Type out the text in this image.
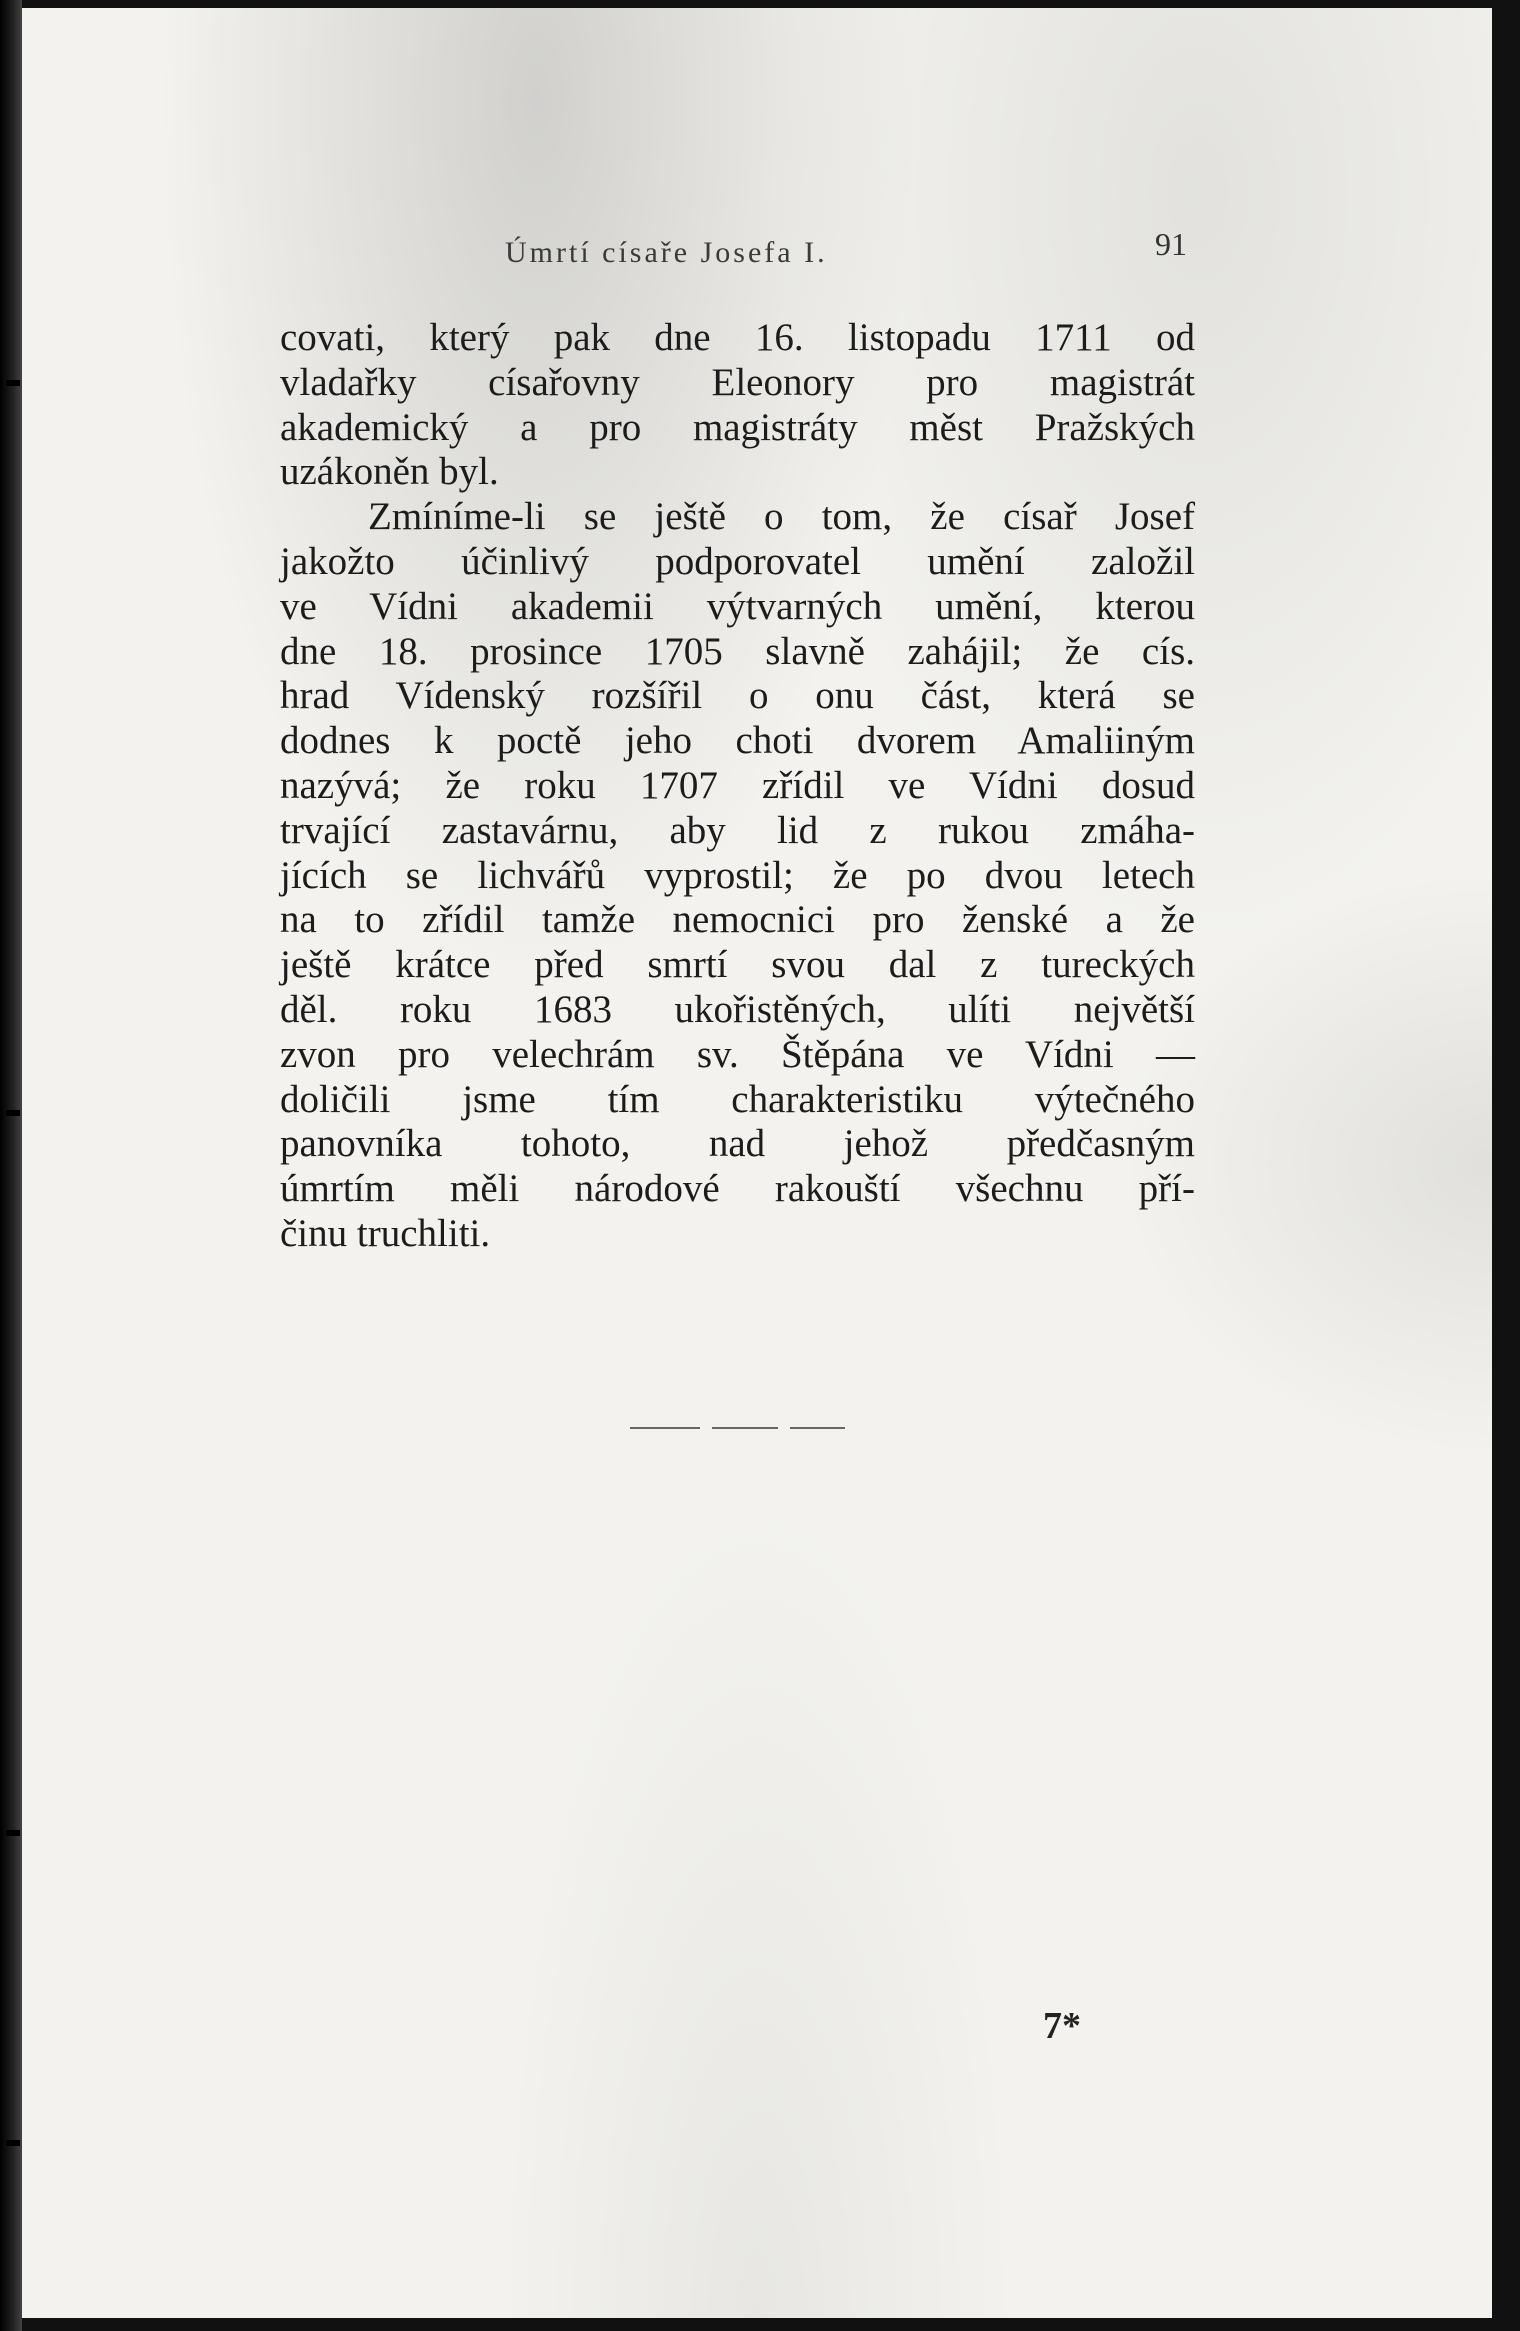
Úmrtí císaře Josefa I.	91
covati, který pak dne 16. listopadu 1711 od
vladařky císařovny Eleonory pro magistrát
akademický a pro magistráty měst Pražských
uzákoněn byl.
Zmíníme-li se ještě o tom, že císař Josef
jakožto účinlivý podporovatel umění založil
ve Vídni akademii výtvarných umění, kterou
dne 18. prosince 1705 slavně zahájil; že cís.
hrad Vídenský rozšířil o onu část, která se
dodnes k poctě jeho choti dvorem Amaliiným
nazývá; že roku 1707 zřídil ve Vídni dosud
trvající zastavárnu, aby lid z rukou zmáha-
jících se lichvářů vyprostil; že po dvou letech
na to zřídil tamže nemocnici pro ženské a že
ještě krátce před smrtí svou dal z tureckých
děl. roku 1683 ukořistěných, ulíti největší
zvon pro velechrám sv. Štěpána ve Vídni —
doličili jsme tím charakteristiku výtečného
panovníka tohoto, nad jehož předčasným
úmrtím měli národové rakouští všechnu pří-
činu truchliti.
7*
